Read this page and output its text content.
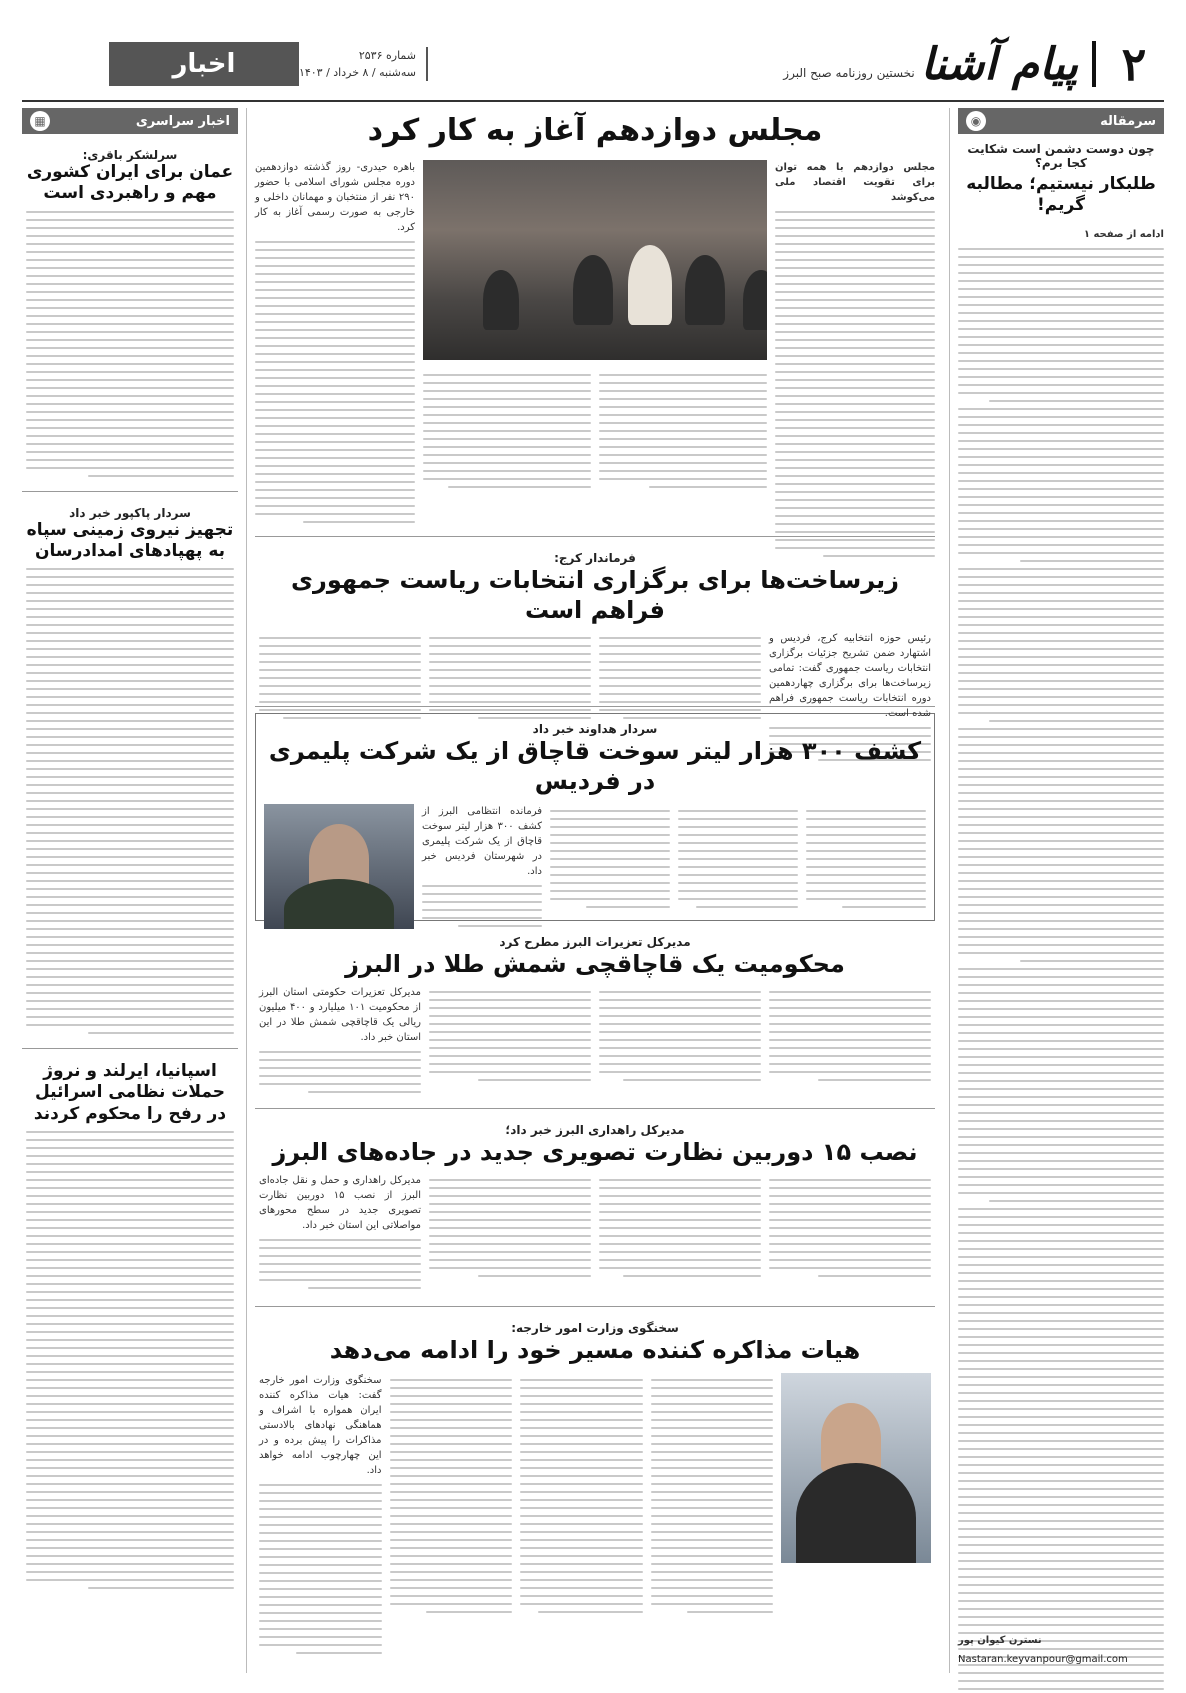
۲
پیام آشنا
نخستین روزنامه صبح البرز
شماره ۲۵۳۶
سه‌شنبه / ۸ خرداد / ۱۴۰۳
اخبار
سرمقاله
◉
چون دوست دشمن است شکایت کجا برم؟
طلبکار نیستیم؛ مطالبه گریم!
ادامه از صفحه ۱
نسترن کیوان پور
Nastaran.keyvanpour@gmail.com
اخبار سراسری
▦
سرلشکر باقری:
عمان برای ایران کشوری مهم و راهبردی است
سردار پاکپور خبر داد
تجهیز نیروی زمینی سپاه به پهپادهای امدادرسان
اسپانیا، ایرلند و نروژ حملات نظامی اسرائیل در رفح را محکوم کردند
مجلس دوازدهم آغاز به کار کرد
مجلس دوازدهم با همه توان برای تقویت اقتصاد ملی می‌کوشد
باهره حیدری- روز گذشته دوازدهمین دوره مجلس شورای اسلامی با حضور ۲۹۰ نفر از منتخبان و مهمانان داخلی و خارجی به صورت رسمی آغاز به کار کرد.
فرماندار کرج:
زیرساخت‌ها برای برگزاری انتخابات ریاست جمهوری فراهم است
رئیس حوزه انتخابیه کرج، فردیس و اشتهارد ضمن تشریح جزئیات برگزاری انتخابات ریاست جمهوری گفت: تمامی زیرساخت‌ها برای برگزاری چهاردهمین دوره انتخابات ریاست جمهوری فراهم شده است.
سردار هداوند خبر داد
کشف ۳۰۰ هزار لیتر سوخت قاچاق از یک شرکت پلیمری در فردیس
فرمانده انتظامی البرز از کشف ۳۰۰ هزار لیتر سوخت قاچاق از یک شرکت پلیمری در شهرستان فردیس خبر داد.
مدیرکل تعزیرات البرز مطرح کرد
محکومیت یک قاچاقچی شمش طلا در البرز
مدیرکل تعزیرات حکومتی استان البرز از محکومیت ۱۰۱ میلیارد و ۴۰۰ میلیون ریالی یک قاچاقچی شمش طلا در این استان خبر داد.
مدیرکل راهداری البرز خبر داد؛
نصب ۱۵ دوربین نظارت تصویری جدید در جاده‌های البرز
مدیرکل راهداری و حمل و نقل جاده‌ای البرز از نصب ۱۵ دوربین نظارت تصویری جدید در سطح محورهای مواصلاتی این استان خبر داد.
سخنگوی وزارت امور خارجه:
هیات مذاکره کننده مسیر خود را ادامه می‌دهد
سخنگوی وزارت امور خارجه گفت: هیات مذاکره کننده ایران همواره با اشراف و هماهنگی نهادهای بالادستی مذاکرات را پیش برده و در این چهارچوب ادامه خواهد داد.
